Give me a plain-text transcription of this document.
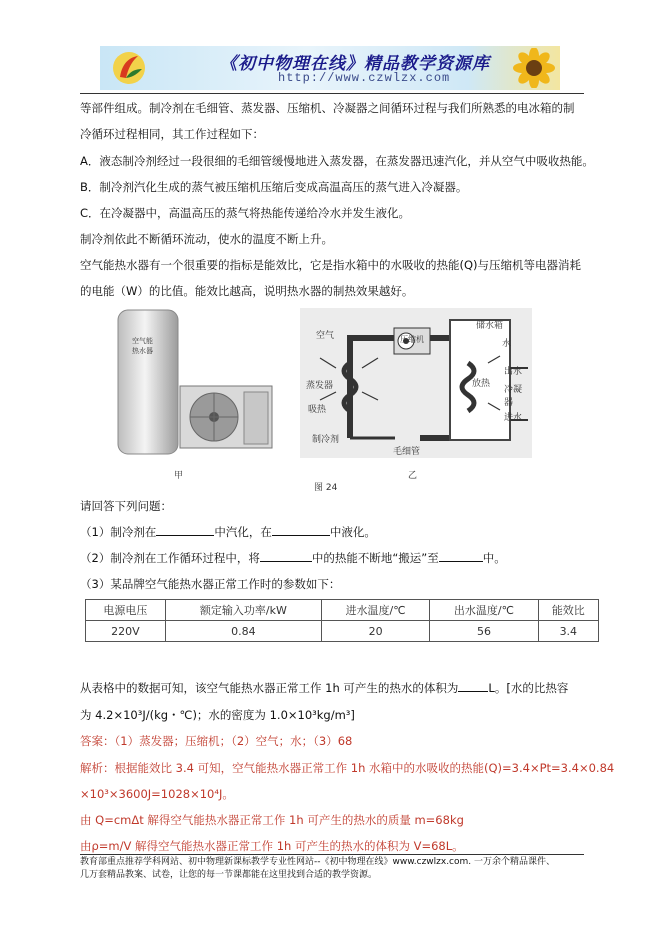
《初中物理在线》精品教学资源库
http://www.czwlzx.com
等部件组成。制冷剂在毛细管、蒸发器、压缩机、冷凝器之间循环过程与我们所熟悉的电冰箱的制
冷循环过程相同，其工作过程如下：
A．液态制冷剂经过一段很细的毛细管缓慢地进入蒸发器，在蒸发器迅速汽化，并从空气中吸收热能。
B．制冷剂汽化生成的蒸气被压缩机压缩后变成高温高压的蒸气进入冷凝器。
C．在冷凝器中，高温高压的蒸气将热能传递给冷水并发生液化。
制冷剂依此不断循环流动，使水的温度不断上升。
空气能热水器有一个很重要的指标是能效比，它是指水箱中的水吸收的热能(Q)与压缩机等电器消耗
的电能（W）的比值。能效比越高，说明热水器的制热效果越好。
空气能热水器
甲
空气	压缩机
储水箱
水
蒸发器
出水
放热
冷凝器
吸热
进水
制冷剂
毛细管
乙
图 24
请回答下列问题：
（1）制冷剂在	中汽化，在	中液化。
（2）制冷剂在工作循环过程中，将	中的热能不断地“搬运”至	中。
（3）某品牌空气能热水器正常工作时的参数如下：
电源电压	额定输入功率/kW	进水温度/℃	出水温度/℃	能效比
220V	0.84	20	56	3.4
从表格中的数据可知，该空气能热水器正常工作 1h 可产生的热水的体积为	L。[水的比热容
为 4.2×10³J/(kg・℃)；水的密度为 1.0×10³kg/m³]
答案：（1）蒸发器；压缩机；（2）空气；水；（3）68
解析：根据能效比 3.4 可知，空气能热水器正常工作 1h 水箱中的水吸收的热能(Q)=3.4×Pt=3.4×0.84
×10³×3600J=1028×10⁴J。
由 Q=cmΔt 解得空气能热水器正常工作 1h 可产生的热水的质量 m=68kg
由ρ=m/V 解得空气能热水器正常工作 1h 可产生的热水的体积为 V=68L。
教育部重点推荐学科网站、初中物理新课标教学专业性网站--《初中物理在线》www.czwlzx.com. 一万余个精品课件、
几万套精品教案、试卷，让您的每一节课都能在这里找到合适的教学资源。
